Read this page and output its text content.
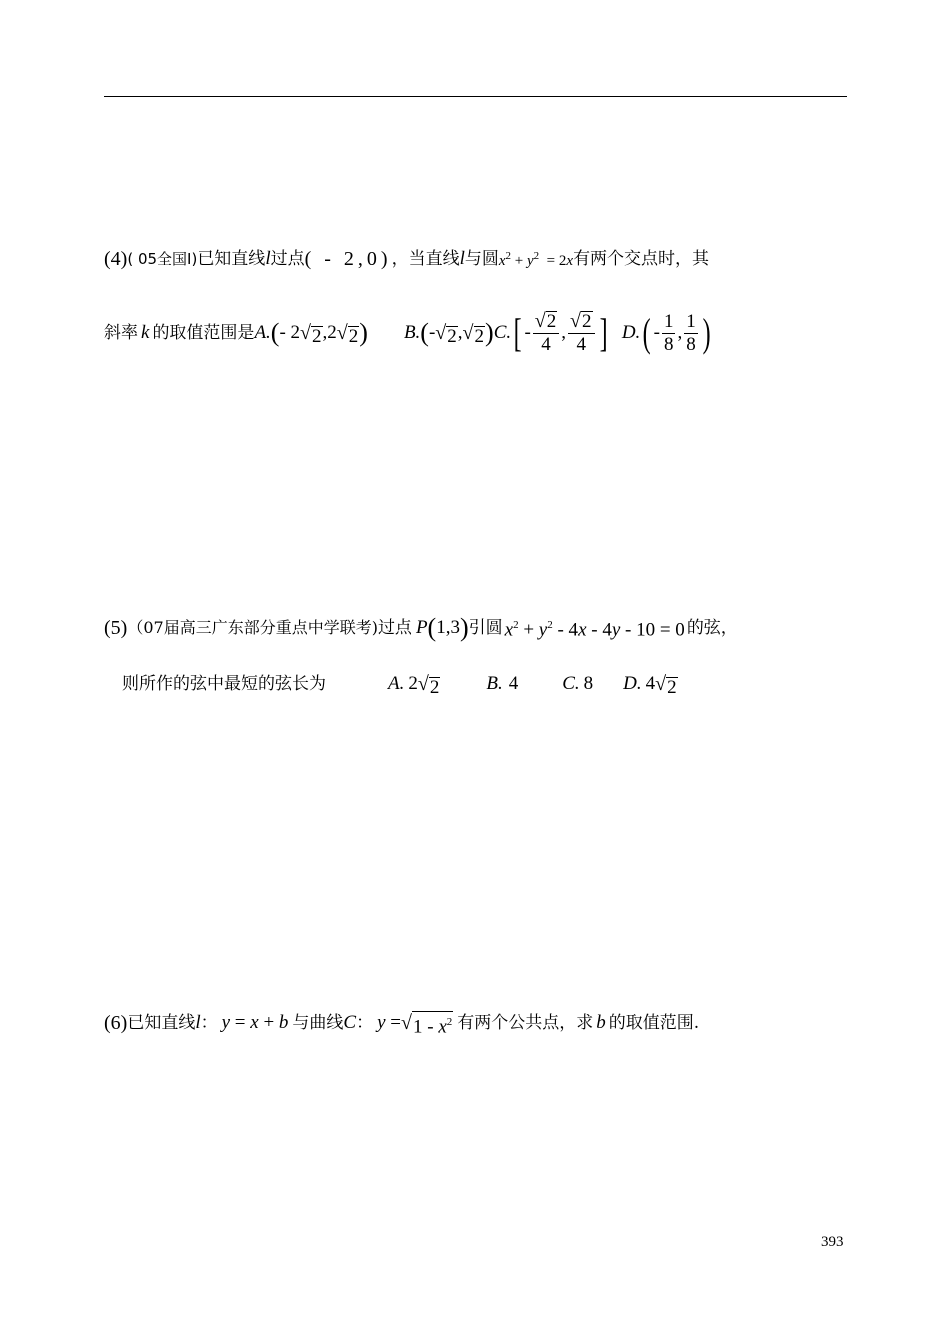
(4) ( 05全国Ⅰ) 已知直线 l 过点 ( - 2,0) ，当直线 l 与圆 $x^2 + y^2 = 2x$ 有两个交点时，其
斜率 k 的取值范围是 A. ( - 2 √ 2 ,2 √ 2 ) B. ( - √ 2 , √ 2 ) C. [ - $\frac{√ 2}{4}$ , $\frac{√ 2}{4}$ ] D. ( - $\frac{1}{8}$ , $\frac{1}{8}$ )
(5) （07届高三广东部分重点中学联考) 过点 P ( 1,3 ) 引圆 $x^2 + y^2 - 4x - 4y - 10 = 0$ 的弦，
则所作的弦中最短的弦长为	A. 2 √ 2 B. 4 C. 8 D. 4 √ 2
(6) 已知直线 l ： y = x + b 与曲线 C ： y = √ $1 - x^2$ 有两个公共点，求 b 的取值范围.
393
